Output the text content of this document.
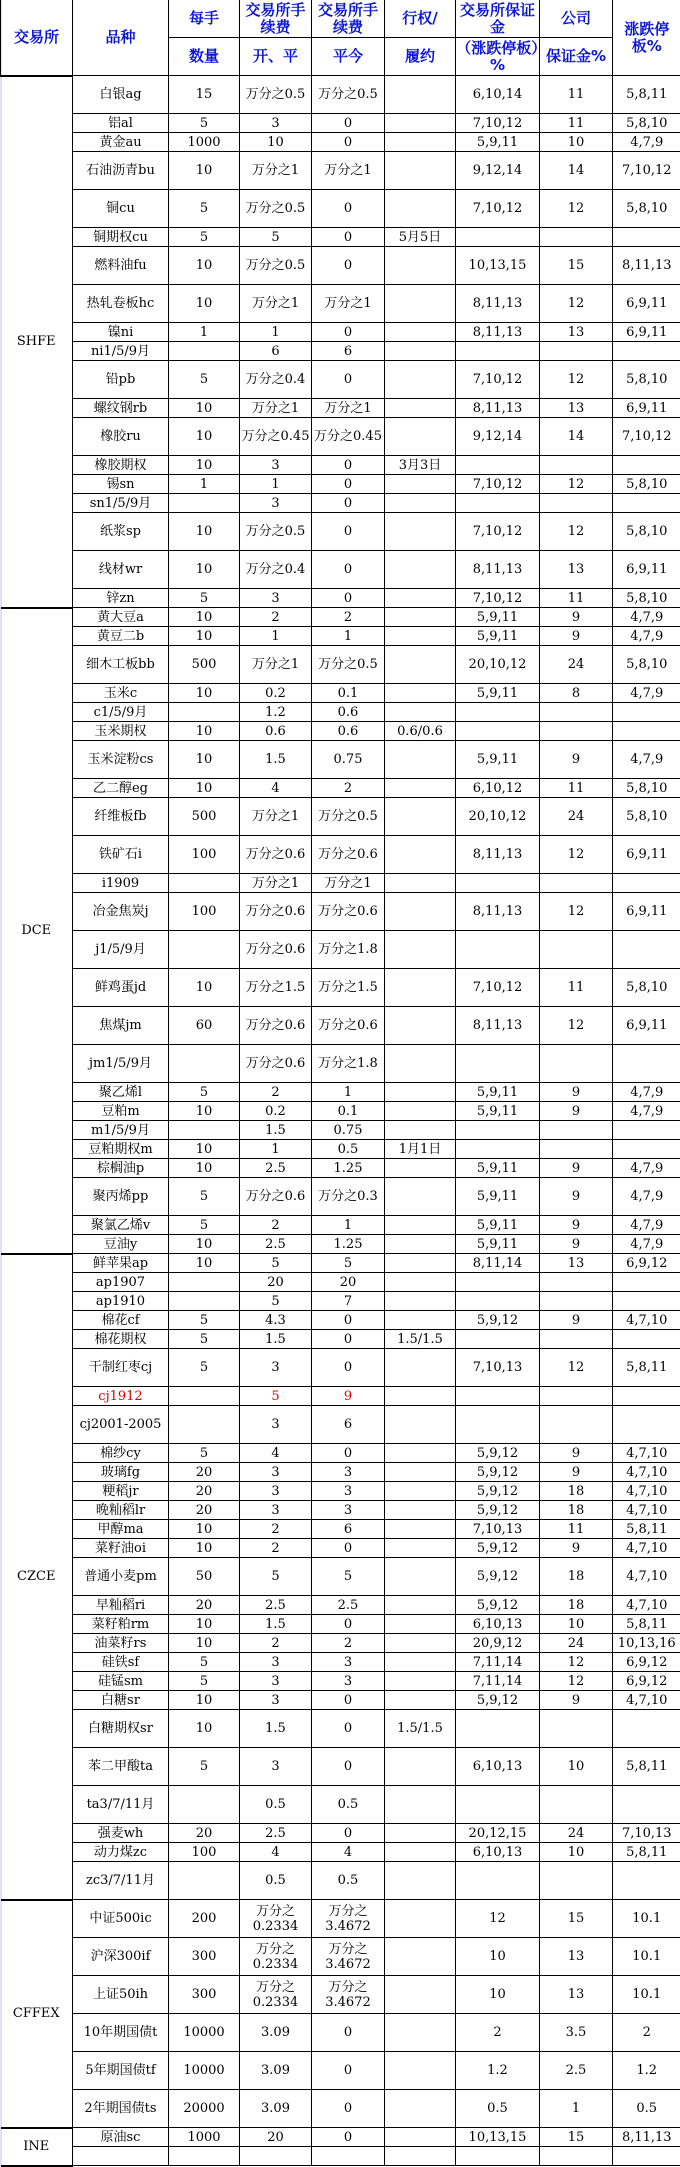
交易所	品种	每手	交易所手续费	交易所手续费	行权/	交易所保证金	公司	涨跌停板%
		数量	开、平	平今	履约	（涨跌停板）%	保证金%	
SHFE	白银ag	15	万分之0.5	万分之0.5		6,10,14	11	5,8,11
	铝al	5	3	0		7,10,12	11	5,8,10
	黄金au	1000	10	0		5,9,11	10	4,7,9
	石油沥青bu	10	万分之1	万分之1		9,12,14	14	7,10,12
	铜cu	5	万分之0.5	0		7,10,12	12	5,8,10
	铜期权cu	5	5	0	5月5日			
	燃料油fu	10	万分之0.5	0		10,13,15	15	8,11,13
	热轧卷板hc	10	万分之1	万分之1		8,11,13	12	6,9,11
	镍ni	1	1	0		8,11,13	13	6,9,11
	ni1/5/9月		6	6				
	铅pb	5	万分之0.4	0		7,10,12	12	5,8,10
	螺纹钢rb	10	万分之1	万分之1		8,11,13	13	6,9,11
	橡胶ru	10	万分之0.45	万分之0.45		9,12,14	14	7,10,12
	橡胶期权	10	3	0	3月3日			
	锡sn	1	1	0		7,10,12	12	5,8,10
	sn1/5/9月		3	0				
	纸浆sp	10	万分之0.5	0		7,10,12	12	5,8,10
	线材wr	10	万分之0.4	0		8,11,13	13	6,9,11
	锌zn	5	3	0		7,10,12	11	5,8,10
DCE	黄大豆a	10	2	2		5,9,11	9	4,7,9
	黄豆二b	10	1	1		5,9,11	9	4,7,9
	细木工板bb	500	万分之1	万分之0.5		20,10,12	24	5,8,10
	玉米c	10	0.2	0.1		5,9,11	8	4,7,9
	c1/5/9月		1.2	0.6				
	玉米期权	10	0.6	0.6	0.6/0.6			
	玉米淀粉cs	10	1.5	0.75		5,9,11	9	4,7,9
	乙二醇eg	10	4	2		6,10,12	11	5,8,10
	纤维板fb	500	万分之1	万分之0.5		20,10,12	24	5,8,10
	铁矿石i	100	万分之0.6	万分之0.6		8,11,13	12	6,9,11
	i1909		万分之1	万分之1				
	冶金焦炭j	100	万分之0.6	万分之0.6		8,11,13	12	6,9,11
	j1/5/9月		万分之0.6	万分之1.8				
	鲜鸡蛋jd	10	万分之1.5	万分之1.5		7,10,12	11	5,8,10
	焦煤jm	60	万分之0.6	万分之0.6		8,11,13	12	6,9,11
	jm1/5/9月		万分之0.6	万分之1.8				
	聚乙烯l	5	2	1		5,9,11	9	4,7,9
	豆粕m	10	0.2	0.1		5,9,11	9	4,7,9
	m1/5/9月		1.5	0.75				
	豆粕期权m	10	1	0.5	1月1日			
	棕榈油p	10	2.5	1.25		5,9,11	9	4,7,9
	聚丙烯pp	5	万分之0.6	万分之0.3		5,9,11	9	4,7,9
	聚氯乙烯v	5	2	1		5,9,11	9	4,7,9
	豆油y	10	2.5	1.25		5,9,11	9	4,7,9
CZCE	鲜苹果ap	10	5	5		8,11,14	13	6,9,12
	ap1907		20	20				
	ap1910		5	7				
	棉花cf	5	4.3	0		5,9,12	9	4,7,10
	棉花期权	5	1.5	0	1.5/1.5			
	干制红枣cj	5	3	0		7,10,13	12	5,8,11
	cj1912		5	9				
	cj2001-2005		3	6				
	棉纱cy	5	4	0		5,9,12	9	4,7,10
	玻璃fg	20	3	3		5,9,12	9	4,7,10
	粳稻jr	20	3	3		5,9,12	18	4,7,10
	晚籼稻lr	20	3	3		5,9,12	18	4,7,10
	甲醇ma	10	2	6		7,10,13	11	5,8,11
	菜籽油oi	10	2	0		5,9,12	9	4,7,10
	普通小麦pm	50	5	5		5,9,12	18	4,7,10
	早籼稻ri	20	2.5	2.5		5,9,12	18	4,7,10
	菜籽粕rm	10	1.5	0		6,10,13	10	5,8,11
	油菜籽rs	10	2	2		20,9,12	24	10,13,16
	硅铁sf	5	3	3		7,11,14	12	6,9,12
	硅锰sm	5	3	3		7,11,14	12	6,9,12
	白糖sr	10	3	0		5,9,12	9	4,7,10
	白糖期权sr	10	1.5	0	1.5/1.5			
	苯二甲酸ta	5	3	0		6,10,13	10	5,8,11
	ta3/7/11月		0.5	0.5				
	强麦wh	20	2.5	0		20,12,15	24	7,10,13
	动力煤zc	100	4	4		6,10,13	10	5,8,11
	zc3/7/11月		0.5	0.5				
CFFEX	中证500ic	200	万分之0.2334	万分之3.4672		12	15	10.1
	沪深300if	300	万分之0.2334	万分之3.4672		10	13	10.1
	上证50ih	300	万分之0.2334	万分之3.4672		10	13	10.1
	10年期国债t	10000	3.09	0		2	3.5	2
	5年期国债tf	10000	3.09	0		1.2	2.5	1.2
	2年期国债ts	20000	3.09	0		0.5	1	0.5
INE	原油sc	1000	20	0		10,13,15	15	8,11,13
